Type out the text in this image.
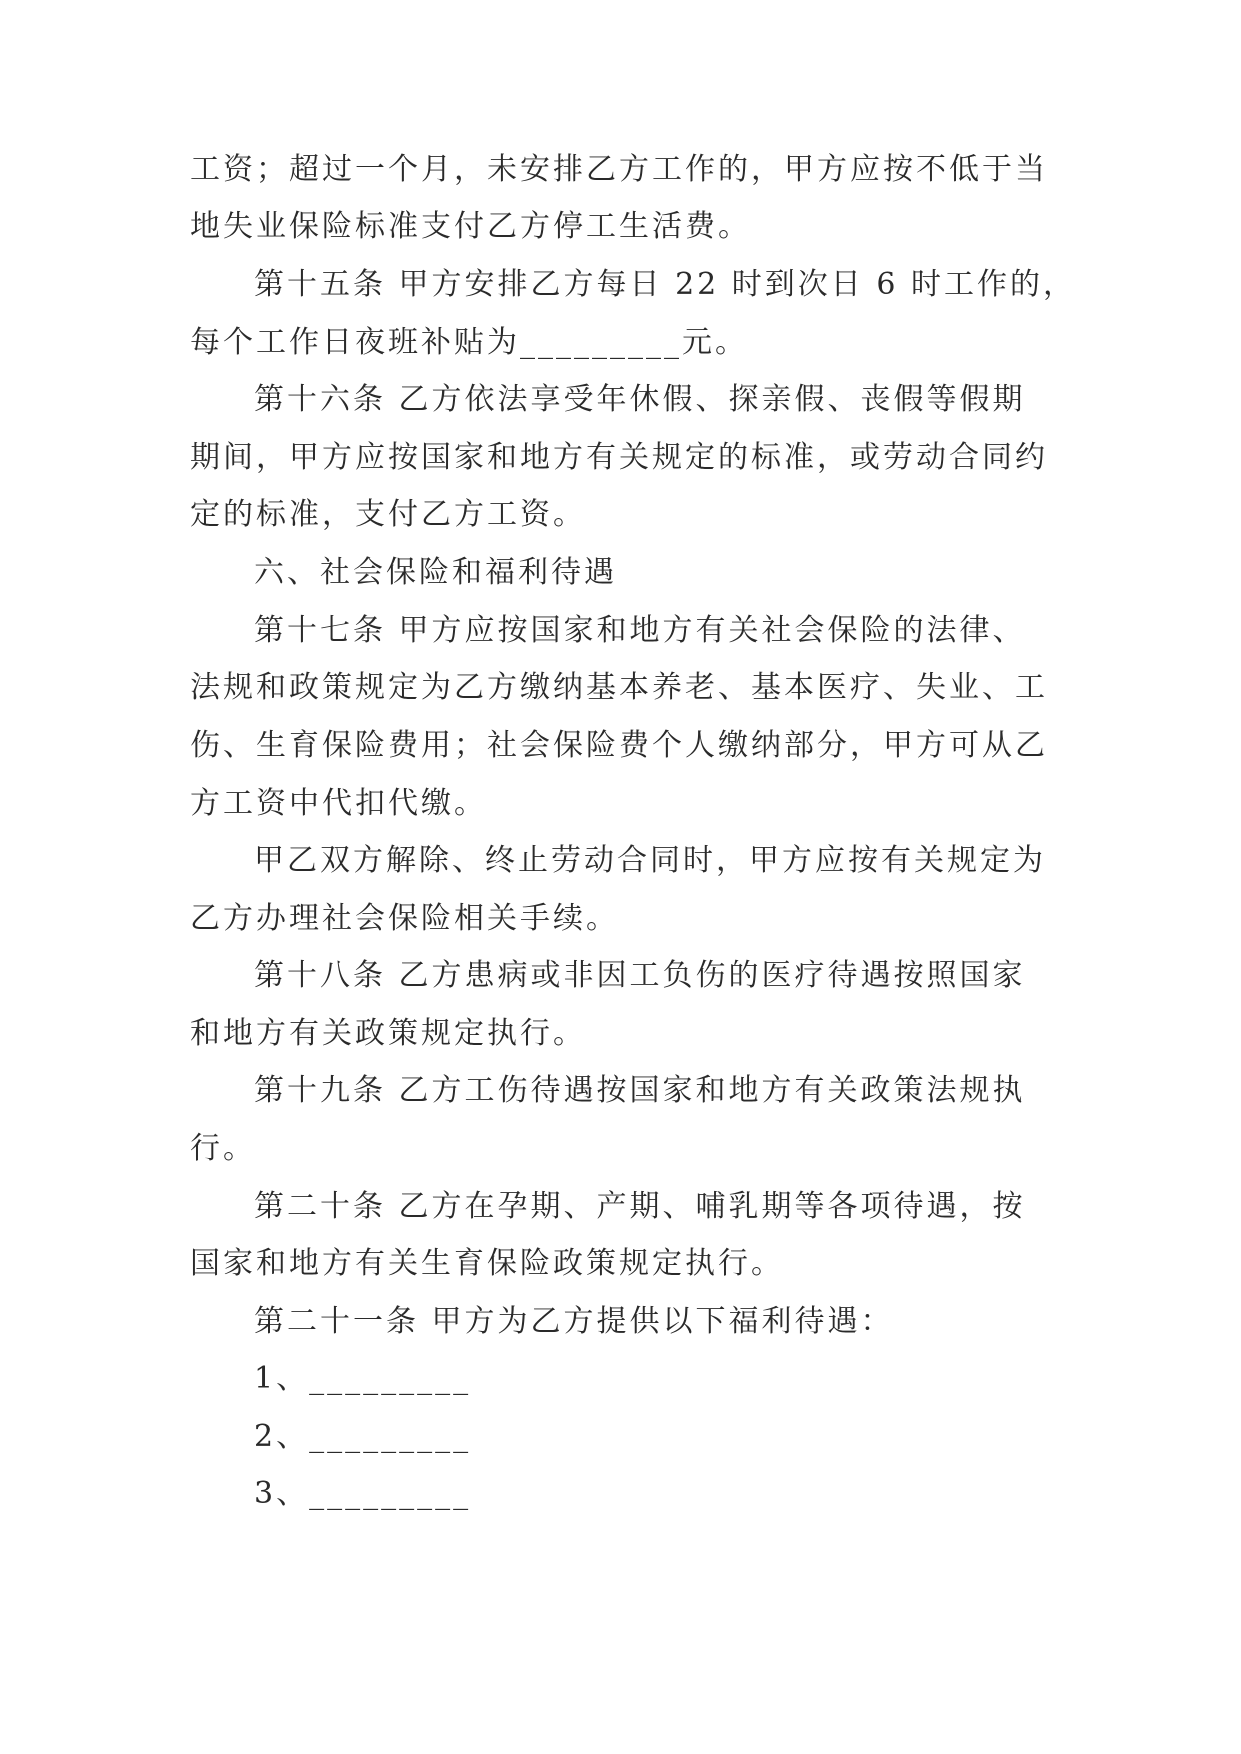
工资；超过一个月，未安排乙方工作的，甲方应按不低于当
地失业保险标准支付乙方停工生活费。
第十五条 甲方安排乙方每日 22 时到次日 6 时工作的，
每个工作日夜班补贴为_________元。
第十六条 乙方依法享受年休假、探亲假、丧假等假期
期间，甲方应按国家和地方有关规定的标准，或劳动合同约
定的标准，支付乙方工资。
六、社会保险和福利待遇
第十七条 甲方应按国家和地方有关社会保险的法律、
法规和政策规定为乙方缴纳基本养老、基本医疗、失业、工
伤、生育保险费用；社会保险费个人缴纳部分，甲方可从乙
方工资中代扣代缴。
甲乙双方解除、终止劳动合同时，甲方应按有关规定为
乙方办理社会保险相关手续。
第十八条 乙方患病或非因工负伤的医疗待遇按照国家
和地方有关政策规定执行。
第十九条 乙方工伤待遇按国家和地方有关政策法规执
行。
第二十条 乙方在孕期、产期、哺乳期等各项待遇，按
国家和地方有关生育保险政策规定执行。
第二十一条 甲方为乙方提供以下福利待遇：
1、_________
2、_________
3、_________
